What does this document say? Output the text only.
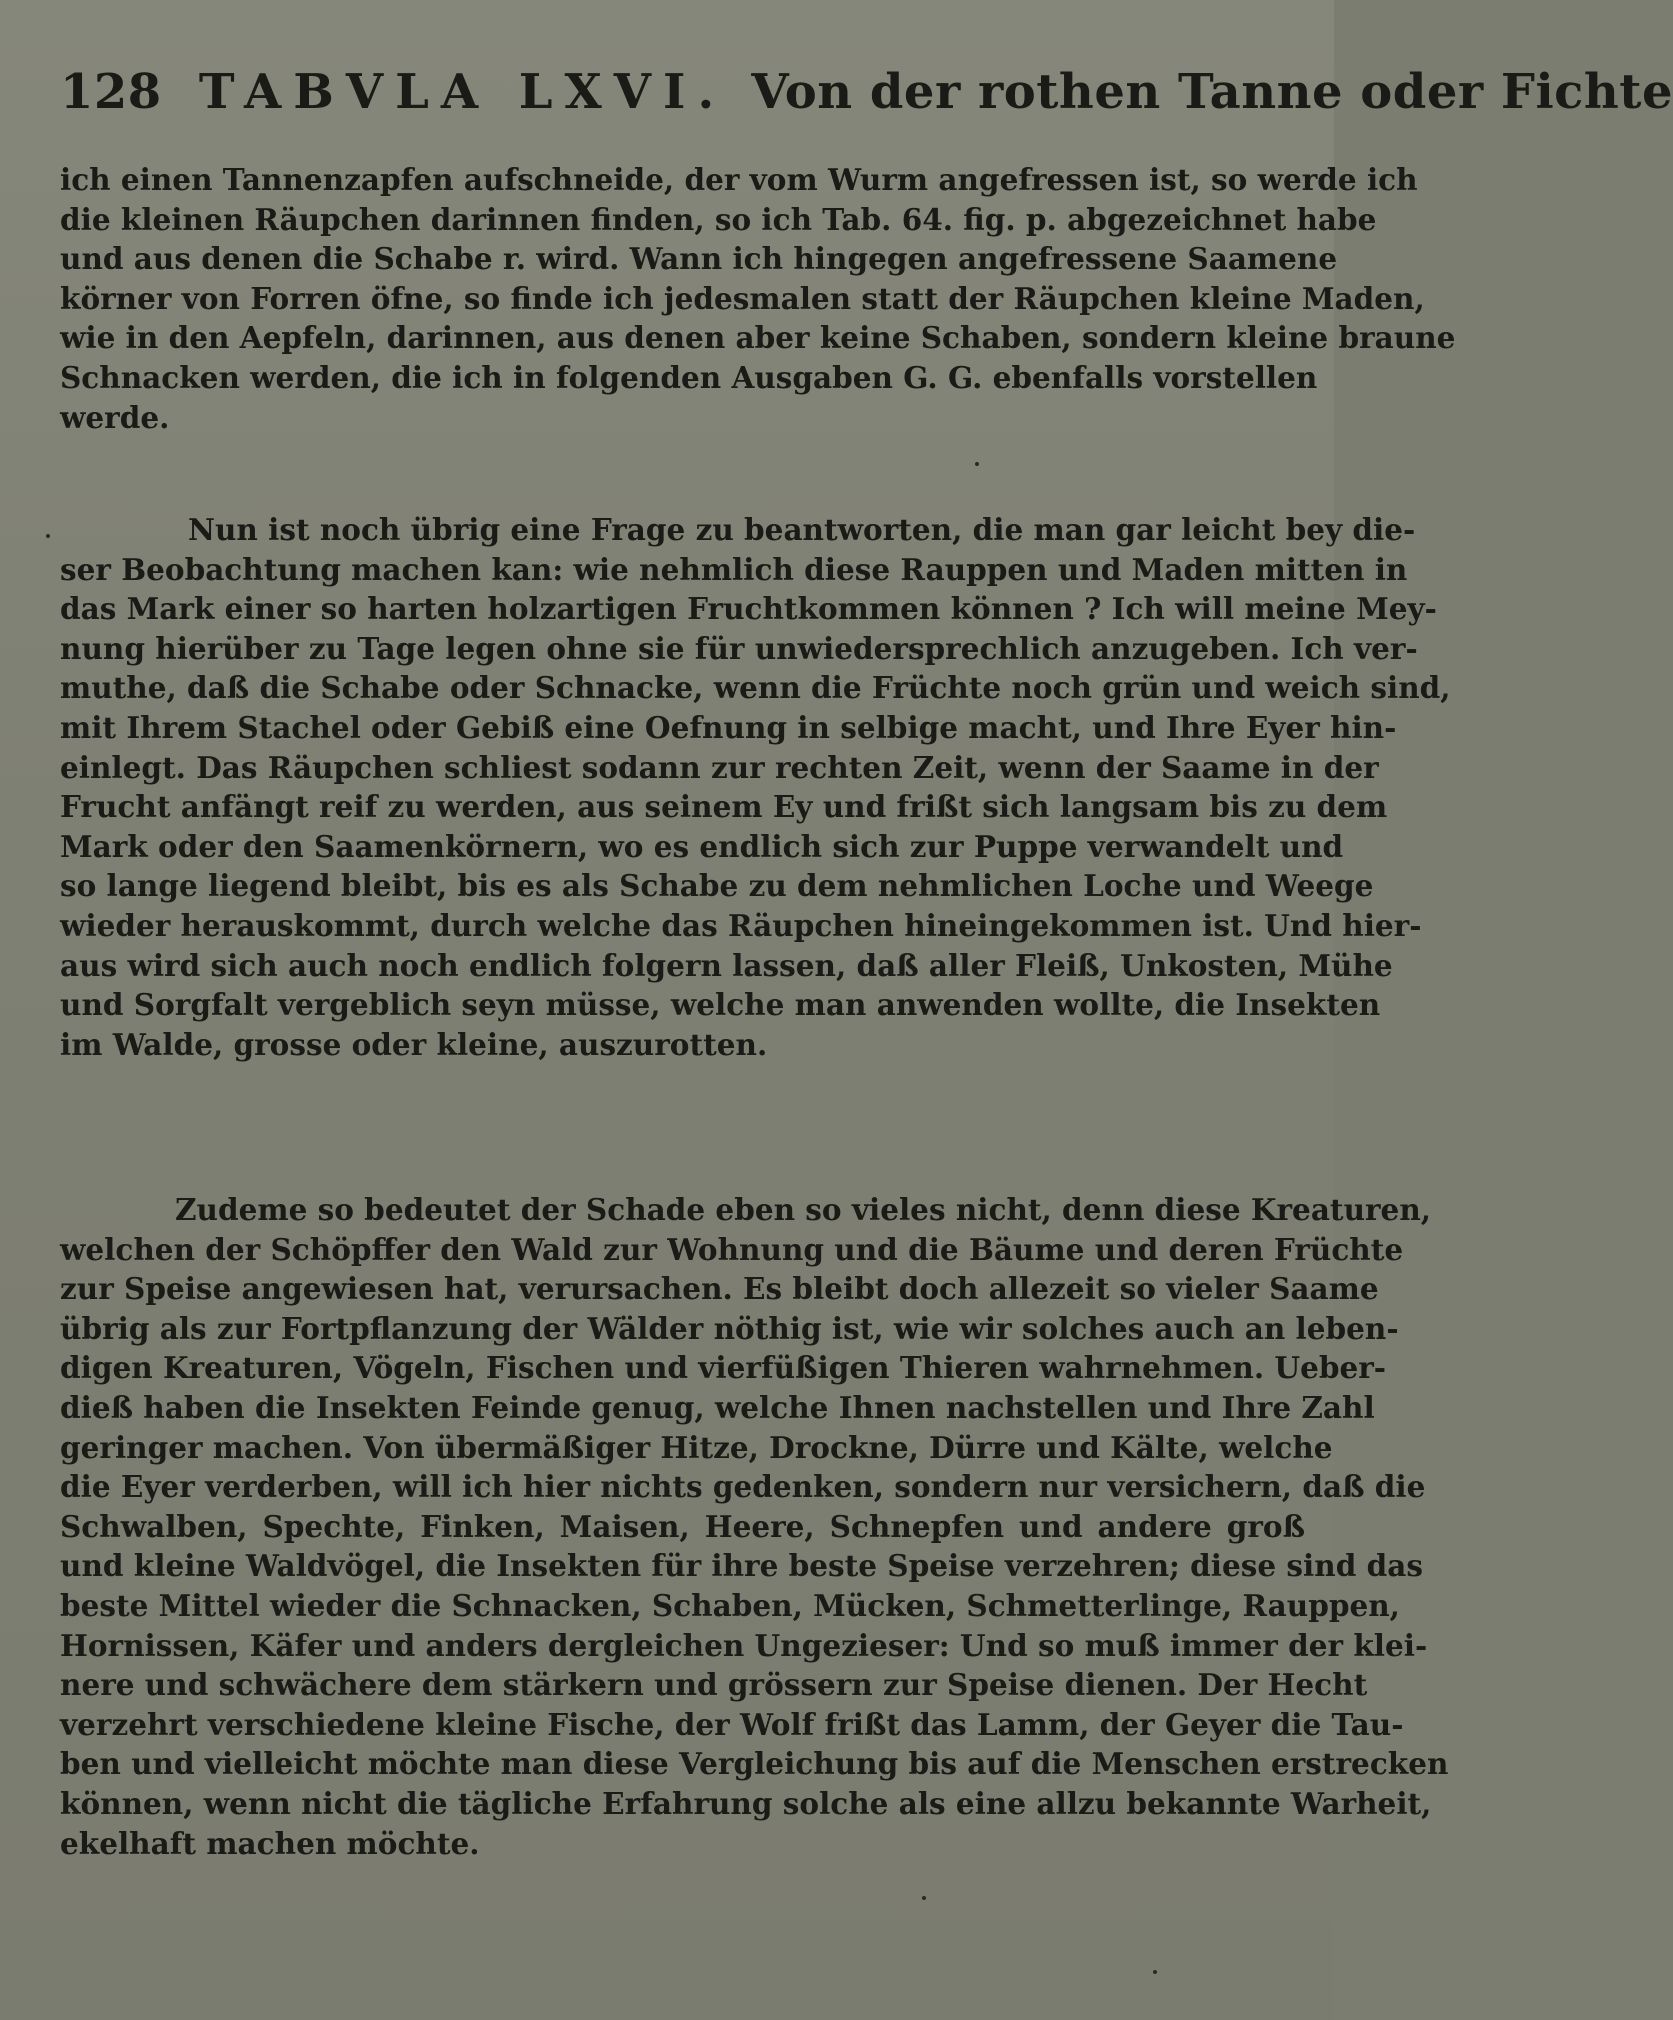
128 TABVLA LXVI. Von der rothen Tanne oder Fichte
ich einen Tannenzapfen aufschneide, der vom Wurm angefressen ist, so werde ich
die kleinen Räupchen darinnen finden, so ich Tab. 64. fig. p. abgezeichnet habe
und aus denen die Schabe r. wird. Wann ich hingegen angefressene Saamene
körner von Forren öfne, so finde ich jedesmalen statt der Räupchen kleine Maden,
wie in den Aepfeln, darinnen, aus denen aber keine Schaben, sondern kleine braune
Schnacken werden, die ich in folgenden Ausgaben G. G. ebenfalls vorstellen
werde.
Nun ist noch übrig eine Frage zu beantworten, die man gar leicht bey die-
ser Beobachtung machen kan: wie nehmlich diese Rauppen und Maden mitten in
das Mark einer so harten holzartigen Fruchtkommen können ? Ich will meine Mey-
nung hierüber zu Tage legen ohne sie für unwiedersprechlich anzugeben. Ich ver-
muthe, daß die Schabe oder Schnacke, wenn die Früchte noch grün und weich sind,
mit Ihrem Stachel oder Gebiß eine Oefnung in selbige macht, und Ihre Eyer hin-
einlegt. Das Räupchen schliest sodann zur rechten Zeit, wenn der Saame in der
Frucht anfängt reif zu werden, aus seinem Ey und frißt sich langsam bis zu dem
Mark oder den Saamenkörnern, wo es endlich sich zur Puppe verwandelt und
so lange liegend bleibt, bis es als Schabe zu dem nehmlichen Loche und Weege
wieder herauskommt, durch welche das Räupchen hineingekommen ist. Und hier-
aus wird sich auch noch endlich folgern lassen, daß aller Fleiß, Unkosten, Mühe
und Sorgfalt vergeblich seyn müsse, welche man anwenden wollte, die Insekten
im Walde, grosse oder kleine, auszurotten.
Zudeme so bedeutet der Schade eben so vieles nicht, denn diese Kreaturen,
welchen der Schöpffer den Wald zur Wohnung und die Bäume und deren Früchte
zur Speise angewiesen hat, verursachen. Es bleibt doch allezeit so vieler Saame
übrig als zur Fortpflanzung der Wälder nöthig ist, wie wir solches auch an leben-
digen Kreaturen, Vögeln, Fischen und vierfüßigen Thieren wahrnehmen. Ueber-
dieß haben die Insekten Feinde genug, welche Ihnen nachstellen und Ihre Zahl
geringer machen. Von übermäßiger Hitze, Drockne, Dürre und Kälte, welche
die Eyer verderben, will ich hier nichts gedenken, sondern nur versichern, daß die
Schwalben, Spechte, Finken, Maisen, Heere, Schnepfen und andere groß
und kleine Waldvögel, die Insekten für ihre beste Speise verzehren; diese sind das
beste Mittel wieder die Schnacken, Schaben, Mücken, Schmetterlinge, Rauppen,
Hornissen, Käfer und anders dergleichen Ungezieser: Und so muß immer der klei-
nere und schwächere dem stärkern und grössern zur Speise dienen. Der Hecht
verzehrt verschiedene kleine Fische, der Wolf frißt das Lamm, der Geyer die Tau-
ben und vielleicht möchte man diese Vergleichung bis auf die Menschen erstrecken
können, wenn nicht die tägliche Erfahrung solche als eine allzu bekannte Warheit,
ekelhaft machen möchte.
